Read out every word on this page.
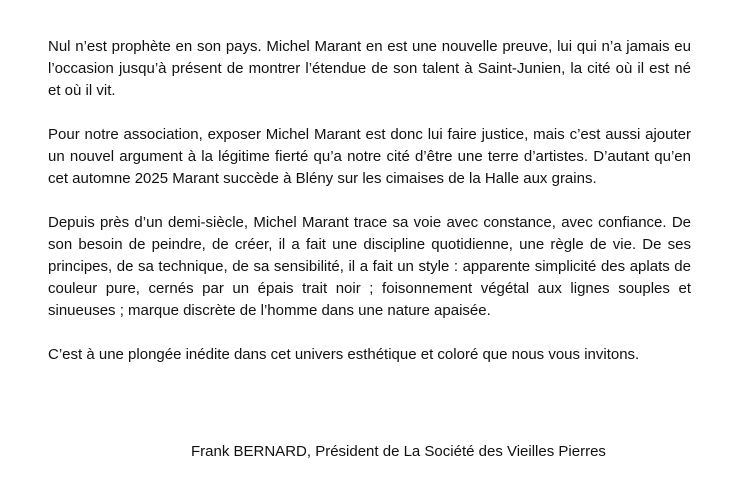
Nul n’est prophète en son pays. Michel Marant en est une nouvelle preuve, lui qui n’a jamais eu l’occasion jusqu’à présent de montrer l’étendue de son talent à Saint-Junien, la cité où il est né et où il vit.

Pour notre association, exposer Michel Marant est donc lui faire justice, mais c’est aussi ajouter un nouvel argument à la légitime fierté qu’a notre cité d’être une terre d’artistes. D’autant qu’en cet automne 2025 Marant succède à Blény sur les cimaises de la Halle aux grains.

Depuis près d’un demi-siècle, Michel Marant trace sa voie avec constance, avec confiance. De son besoin de peindre, de créer, il a fait une discipline quotidienne, une règle de vie. De ses principes, de sa technique, de sa sensibilité, il a fait un style : apparente simplicité des aplats de couleur pure, cernés par un épais trait noir ; foisonnement végétal aux lignes souples et sinueuses ; marque discrète de l’homme dans une nature apaisée.

C’est à une plongée inédite dans cet univers esthétique et coloré que nous vous invitons.

Frank BERNARD, Président de La Société des Vieilles Pierres
